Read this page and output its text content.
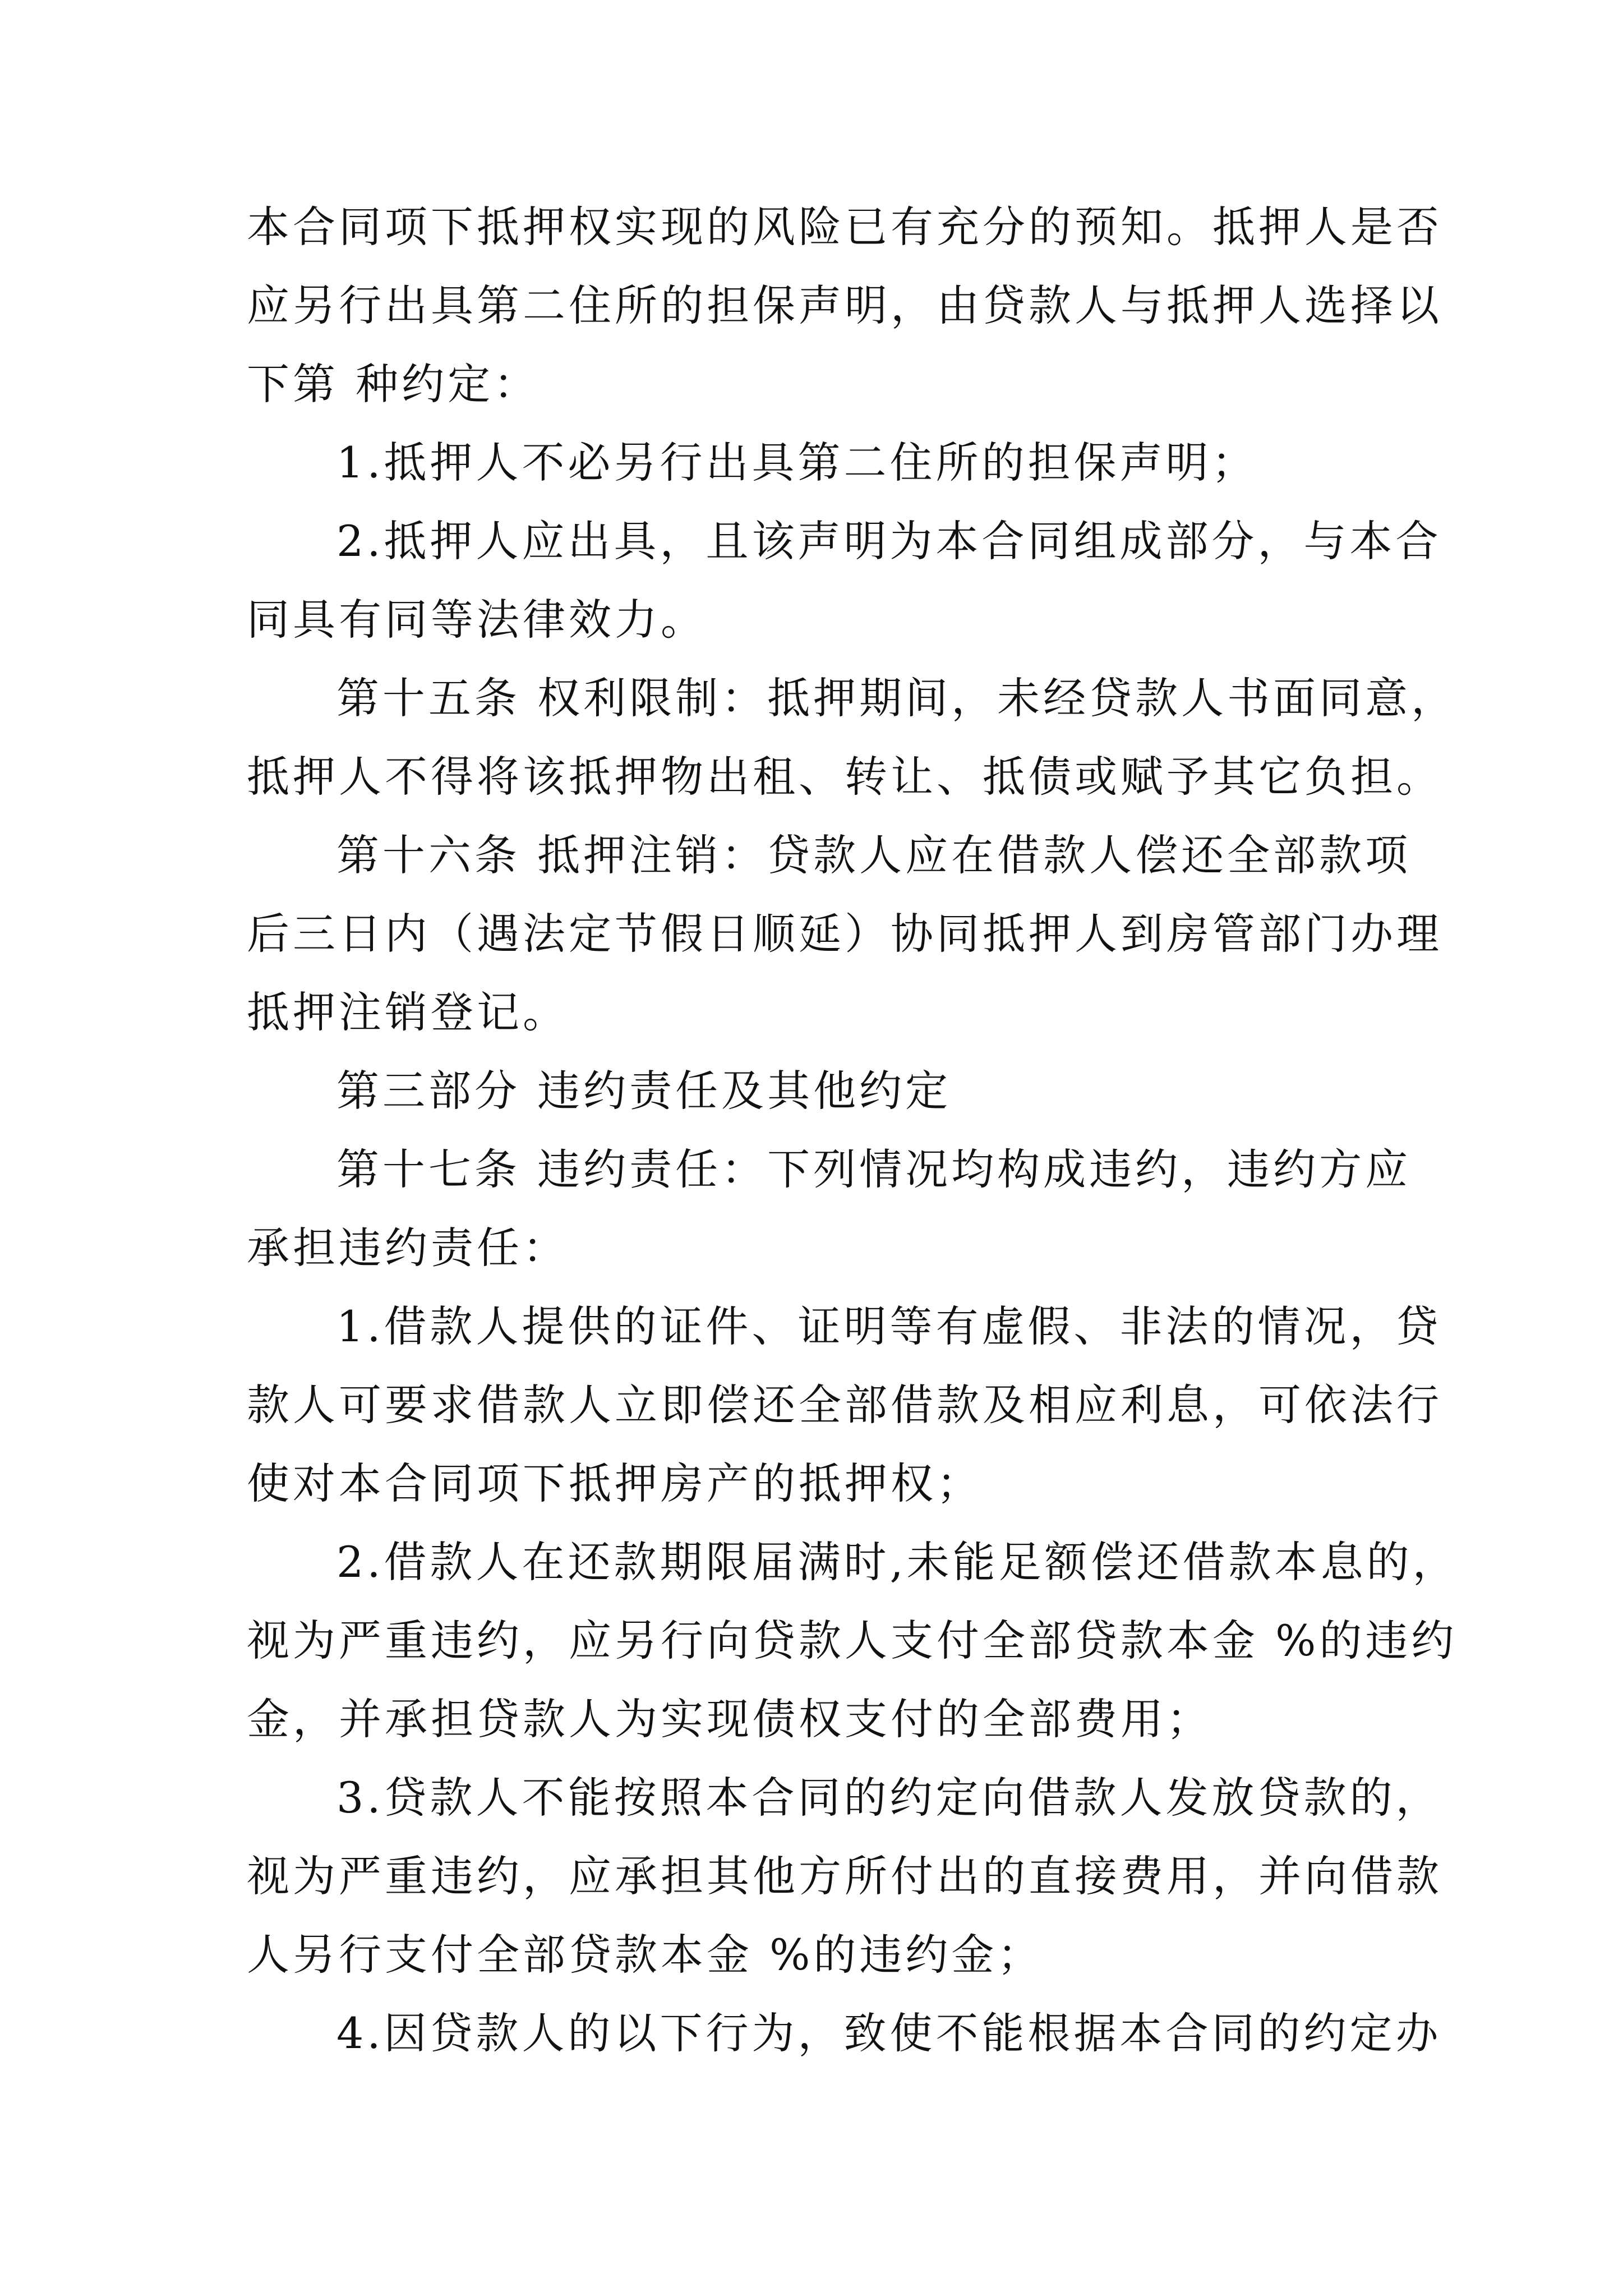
本合同项下抵押权实现的风险已有充分的预知。抵押人是否
应另行出具第二住所的担保声明，由贷款人与抵押人选择以
下第 种约定：
1.抵押人不必另行出具第二住所的担保声明；
2.抵押人应出具，且该声明为本合同组成部分，与本合
同具有同等法律效力。
第十五条 权利限制：抵押期间，未经贷款人书面同意，
抵押人不得将该抵押物出租、转让、抵债或赋予其它负担。
第十六条 抵押注销：贷款人应在借款人偿还全部款项
后三日内（遇法定节假日顺延）协同抵押人到房管部门办理
抵押注销登记。
第三部分 违约责任及其他约定
第十七条 违约责任：下列情况均构成违约，违约方应
承担违约责任：
1.借款人提供的证件、证明等有虚假、非法的情况，贷
款人可要求借款人立即偿还全部借款及相应利息，可依法行
使对本合同项下抵押房产的抵押权；
2.借款人在还款期限届满时,未能足额偿还借款本息的，
视为严重违约，应另行向贷款人支付全部贷款本金 %的违约
金，并承担贷款人为实现债权支付的全部费用；
3.贷款人不能按照本合同的约定向借款人发放贷款的，
视为严重违约，应承担其他方所付出的直接费用，并向借款
人另行支付全部贷款本金 %的违约金；
4.因贷款人的以下行为，致使不能根据本合同的约定办
